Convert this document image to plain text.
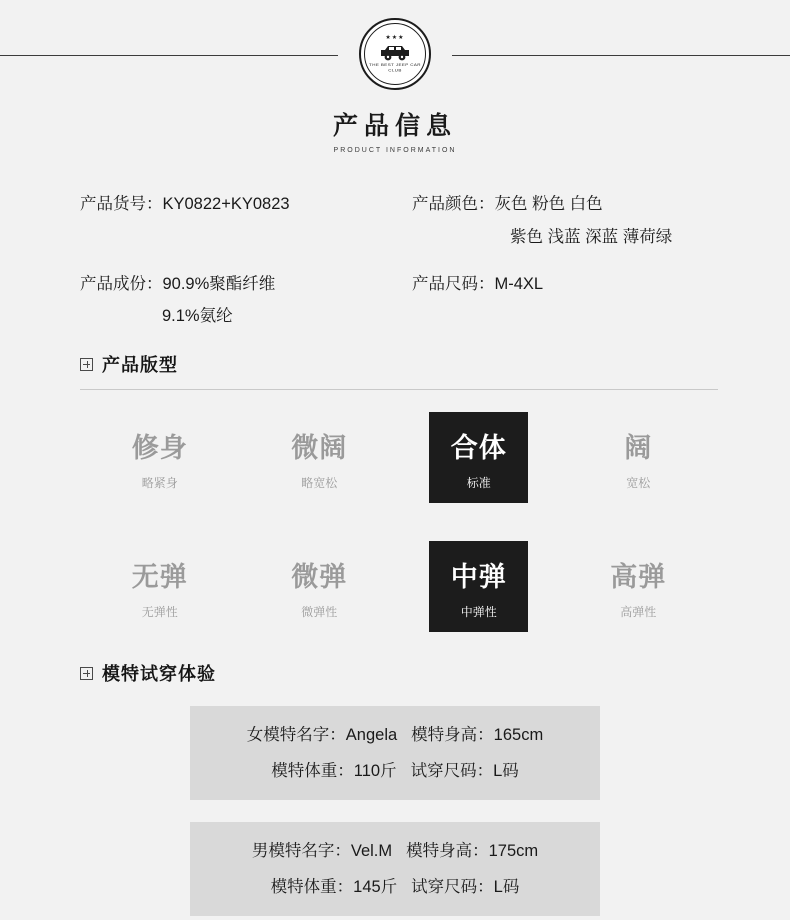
★★★
THE BEST JEEP CAR CLUB
产品信息
PRODUCT INFORMATION
产品货号：KY0822+KY0823	产品颜色：灰色 粉色 白色
紫色 浅蓝 深蓝 薄荷绿
产品成份：90.9%聚酯纤维
9.1%氨纶
产品尺码：M-4XL
产品版型
修身
略紧身
微阔
略宽松
合体
标准
阔
宽松
无弹
无弹性
微弹
微弹性
中弹
中弹性
高弹
高弹性
模特试穿体验
女模特名字：Angela 模特身高：165cm
模特体重：110斤 试穿尺码：L码
男模特名字：Vel.M 模特身高：175cm
模特体重：145斤 试穿尺码：L码
